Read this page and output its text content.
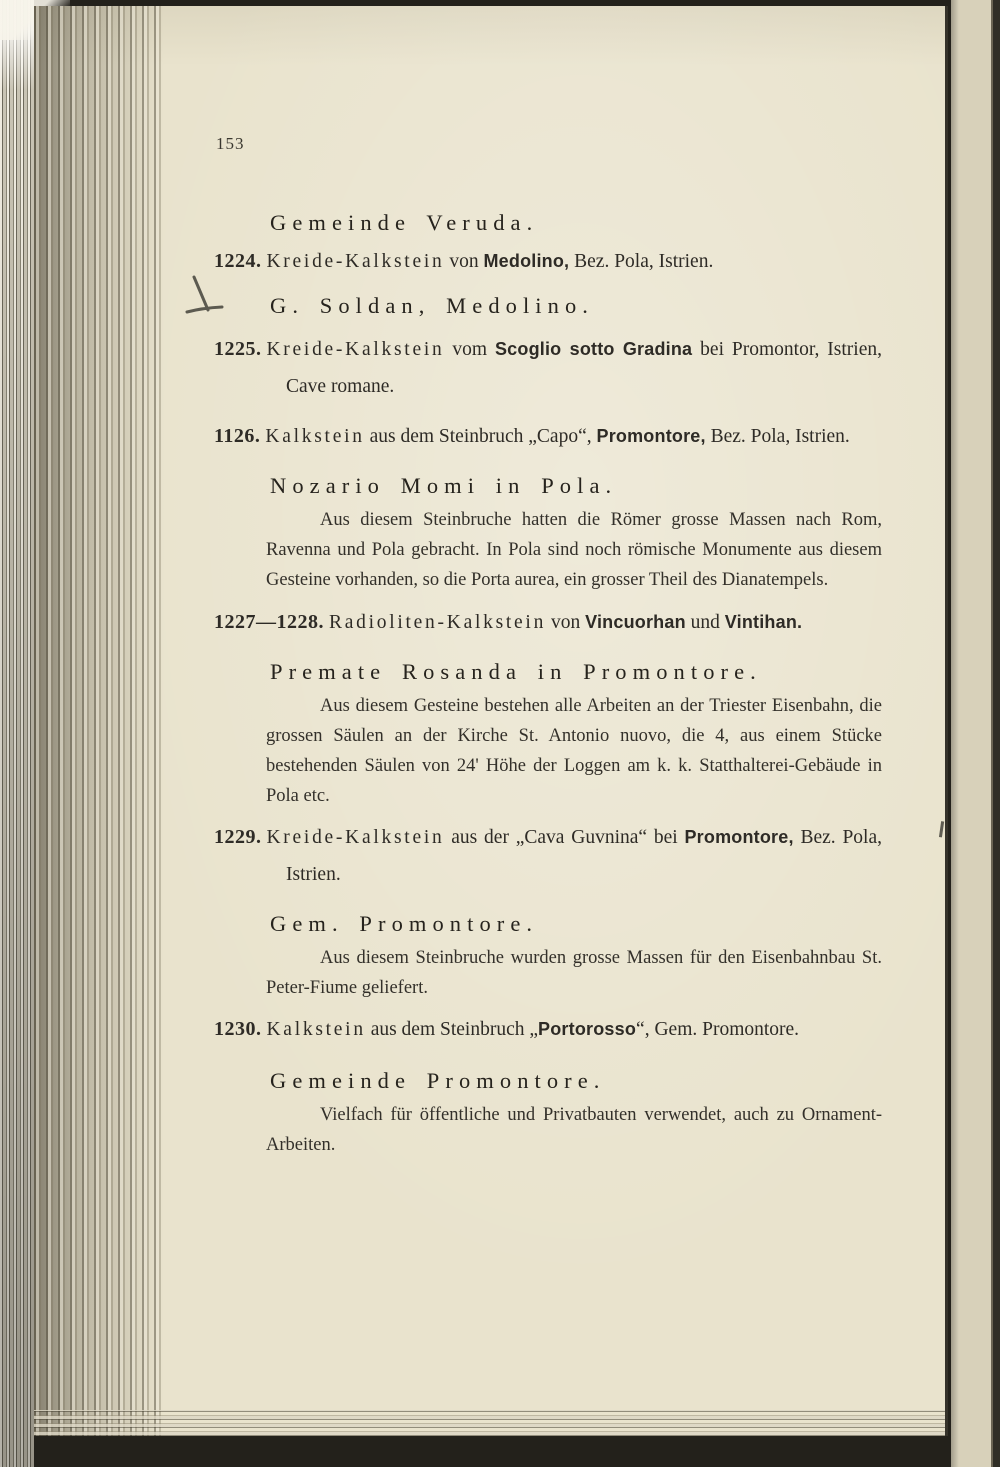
153

Gemeinde Veruda.

1224. Kreide-Kalkstein von Medolino, Bez. Pola, Istrien.

G. Soldan, Medolino.

1225. Kreide-Kalkstein vom Scoglio sotto Gradina bei Promontor, Istrien, Cave romane.

1126. Kalkstein aus dem Steinbruch „Capo“, Promontore, Bez. Pola, Istrien.

Nozario Momi in Pola.

Aus diesem Steinbruche hatten die Römer grosse Massen nach Rom, Ravenna und Pola gebracht. In Pola sind noch römische Monumente aus diesem Gesteine vorhanden, so die Porta aurea, ein grosser Theil des Dianatempels.

1227—1228. Radioliten-Kalkstein von Vincuorhan und Vintihan.

Premate Rosanda in Promontore.

Aus diesem Gesteine bestehen alle Arbeiten an der Triester Eisenbahn, die grossen Säulen an der Kirche St. Antonio nuovo, die 4, aus einem Stücke bestehenden Säulen von 24' Höhe der Loggen am k. k. Statthalterei-Gebäude in Pola etc.

1229. Kreide-Kalkstein aus der „Cava Guvnina“ bei Promontore, Bez. Pola, Istrien.

Gem. Promontore.

Aus diesem Steinbruche wurden grosse Massen für den Eisenbahnbau St. Peter-Fiume geliefert.

1230. Kalkstein aus dem Steinbruch „Portorosso“, Gem. Promontore.

Gemeinde Promontore.

Vielfach für öffentliche und Privatbauten verwendet, auch zu Ornament-Arbeiten.
